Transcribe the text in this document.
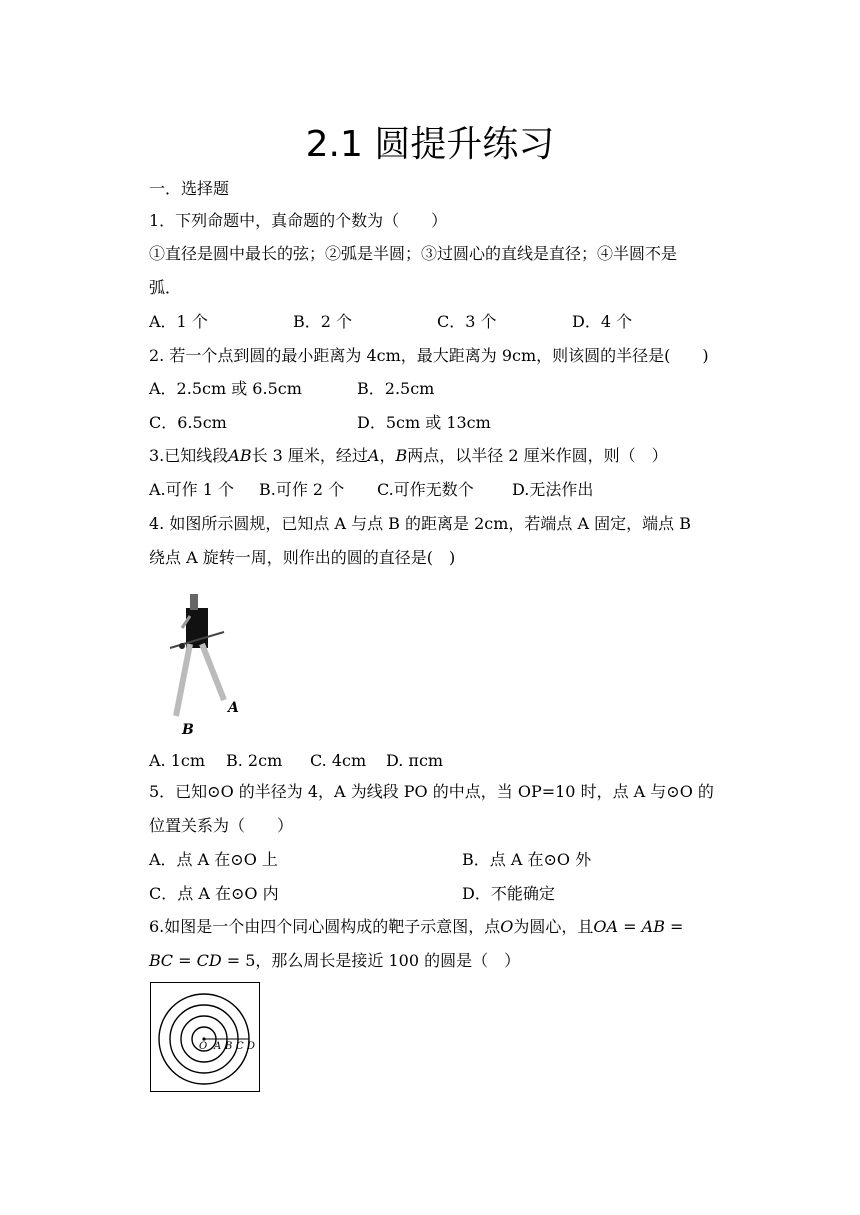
2.1 圆提升练习
一．选择题
1．下列命题中，真命题的个数为（　　）
①直径是圆中最长的弦；②弧是半圆；③过圆心的直线是直径；④半圆不是
弧．
A．1 个	B．2 个	C．3 个	D．4 个
2. 若一个点到圆的最小距离为 4cm，最大距离为 9cm，则该圆的半径是(　　)
A．2.5cm 或 6.5cm	B．2.5cm
C．6.5cm	D．5cm 或 13cm
3.已知线段𝐴𝐵长 3 厘米，经过𝐴，𝐵两点，以半径 2 厘米作圆，则（　）
A.可作 1 个 B.可作 2 个 C.可作无数个 D.无法作出
4. 如图所示圆规，已知点 A 与点 B 的距离是 2cm，若端点 A 固定，端点 B
绕点 A 旋转一周，则作出的圆的直径是(　)
A
B
A. 1cm B. 2cm C. 4cm D. πcm
5．已知⊙O 的半径为 4，A 为线段 PO 的中点，当 OP=10 时，点 A 与⊙O 的
位置关系为（　　）
A．点 A 在⊙O 上	B．点 A 在⊙O 外
C．点 A 在⊙O 内	D．不能确定
6.如图是一个由四个同心圆构成的靶子示意图，点𝑂为圆心，且𝑂𝐴 = 𝐴𝐵 =
𝐵𝐶 = 𝐶𝐷 = 5，那么周长是接近 100 的圆是（　）
O A B C D
